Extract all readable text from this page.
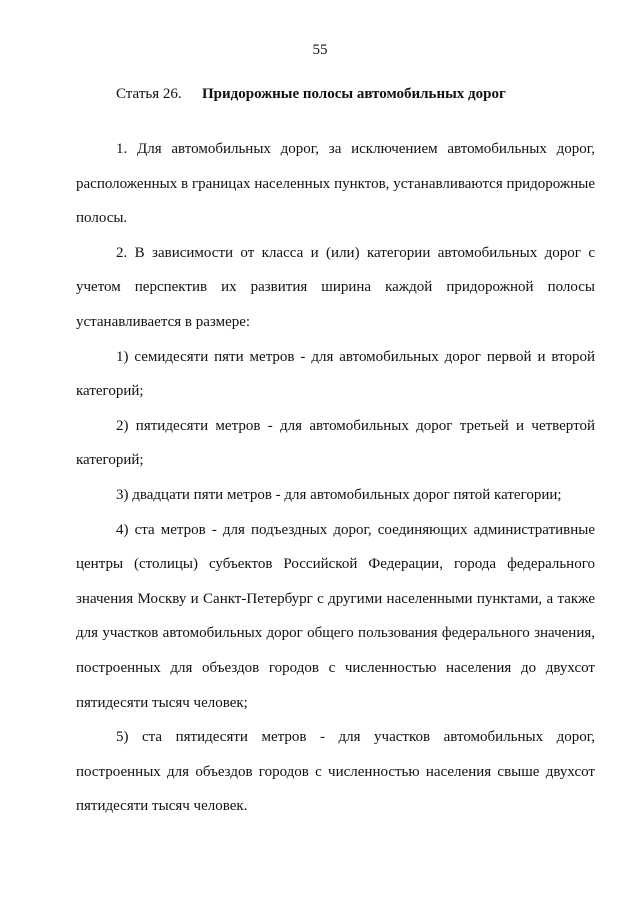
55
Статья 26. Придорожные полосы автомобильных дорог

1. Для автомобильных дорог, за исключением автомобильных дорог, расположенных в границах населенных пунктов, устанавливаются придорожные полосы.

2. В зависимости от класса и (или) категории автомобильных дорог с учетом перспектив их развития ширина каждой придорожной полосы устанавливается в размере:

1) семидесяти пяти метров - для автомобильных дорог первой и второй категорий;

2) пятидесяти метров - для автомобильных дорог третьей и четвертой категорий;

3) двадцати пяти метров - для автомобильных дорог пятой категории;

4) ста метров - для подъездных дорог, соединяющих административные центры (столицы) субъектов Российской Федерации, города федерального значения Москву и Санкт-Петербург с другими населенными пунктами, а также для участков автомобильных дорог общего пользования федерального значения, построенных для объездов городов с численностью населения до двухсот пятидесяти тысяч человек;

5) ста пятидесяти метров - для участков автомобильных дорог, построенных для объездов городов с численностью населения свыше двухсот пятидесяти тысяч человек.
